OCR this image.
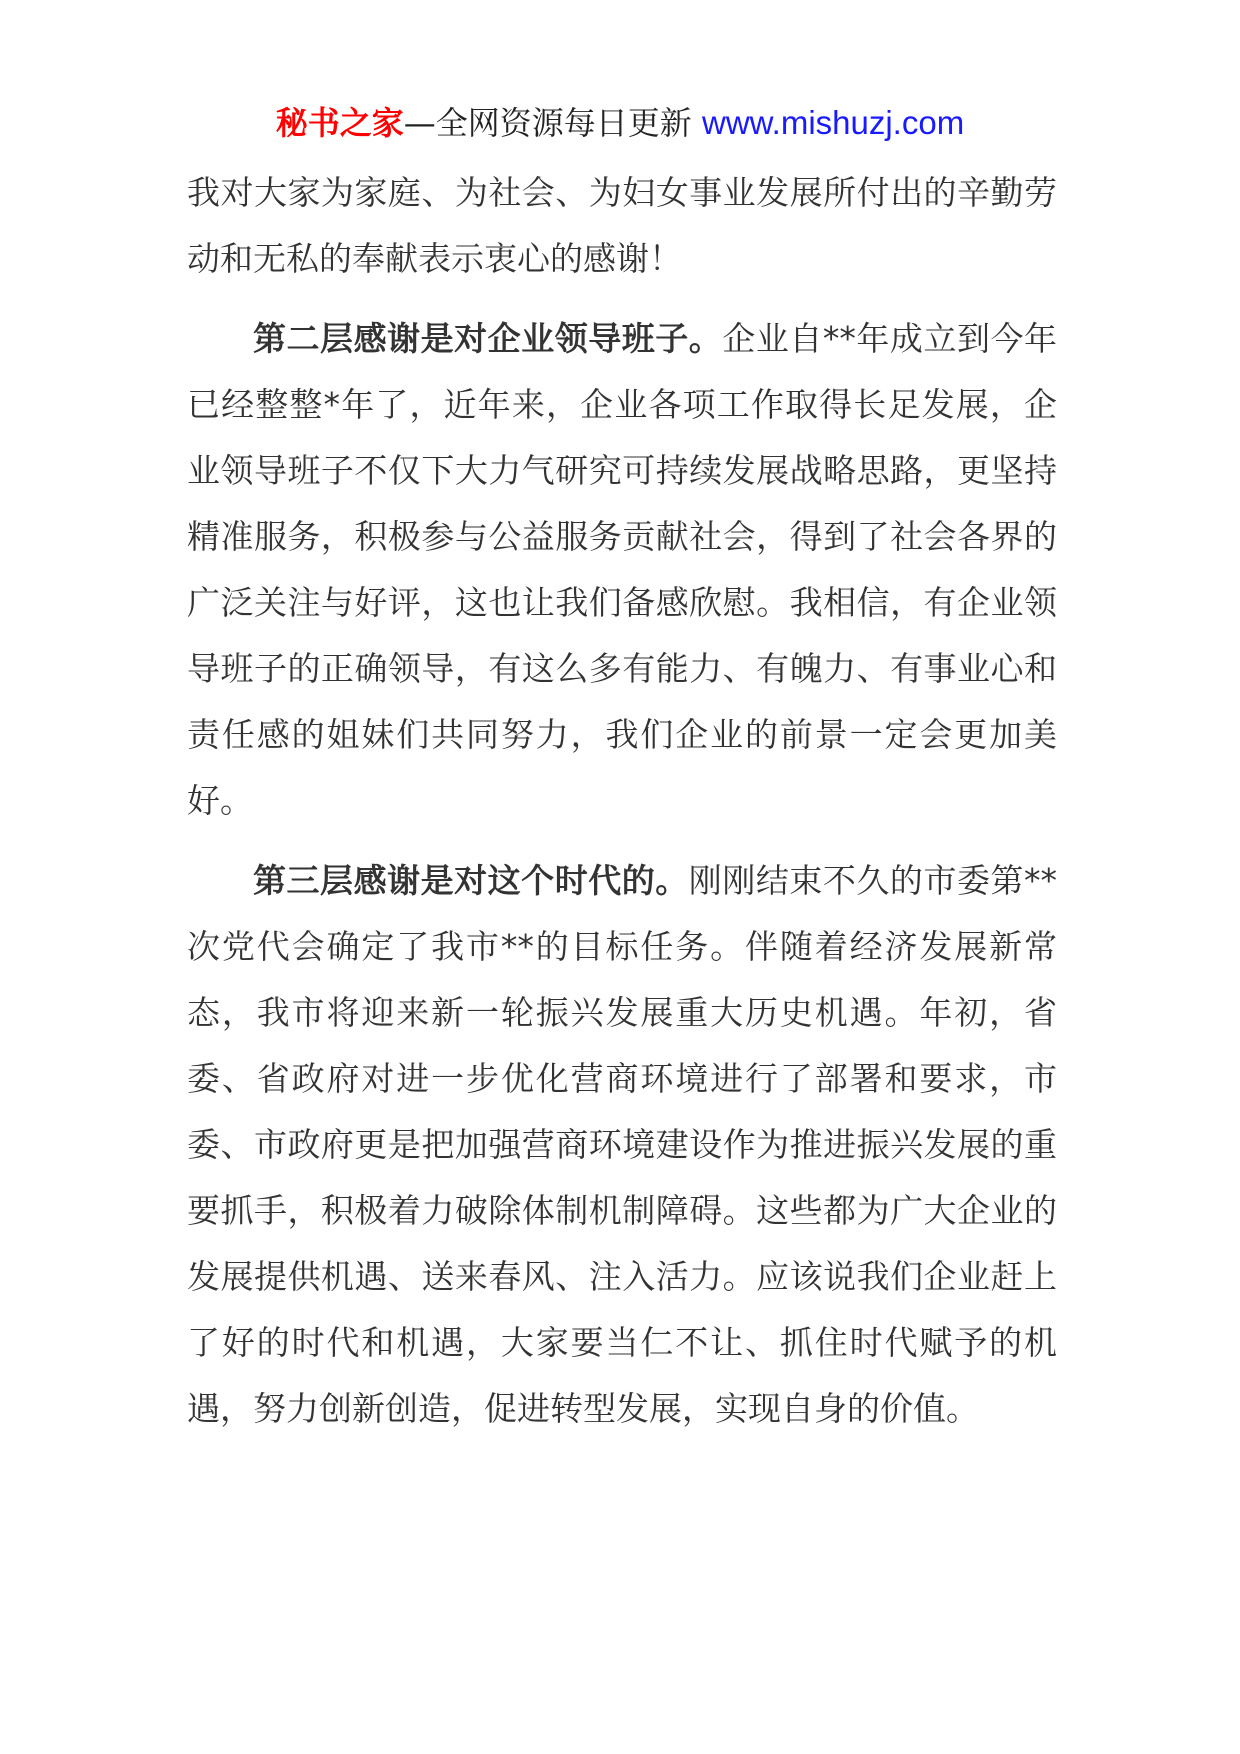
秘书之家—全网资源每日更新 www.mishuzj.com

我对大家为家庭、为社会、为妇女事业发展所付出的辛勤劳动和无私的奉献表示衷心的感谢！

第二层感谢是对企业领导班子。企业自**年成立到今年已经整整*年了，近年来，企业各项工作取得长足发展，企业领导班子不仅下大力气研究可持续发展战略思路，更坚持精准服务，积极参与公益服务贡献社会，得到了社会各界的广泛关注与好评，这也让我们备感欣慰。我相信，有企业领导班子的正确领导，有这么多有能力、有魄力、有事业心和责任感的姐妹们共同努力，我们企业的前景一定会更加美好。

第三层感谢是对这个时代的。刚刚结束不久的市委第**次党代会确定了我市**的目标任务。伴随着经济发展新常态，我市将迎来新一轮振兴发展重大历史机遇。年初，省委、省政府对进一步优化营商环境进行了部署和要求，市委、市政府更是把加强营商环境建设作为推进振兴发展的重要抓手，积极着力破除体制机制障碍。这些都为广大企业的发展提供机遇、送来春风、注入活力。应该说我们企业赶上了好的时代和机遇，大家要当仁不让、抓住时代赋予的机遇，努力创新创造，促进转型发展，实现自身的价值。
